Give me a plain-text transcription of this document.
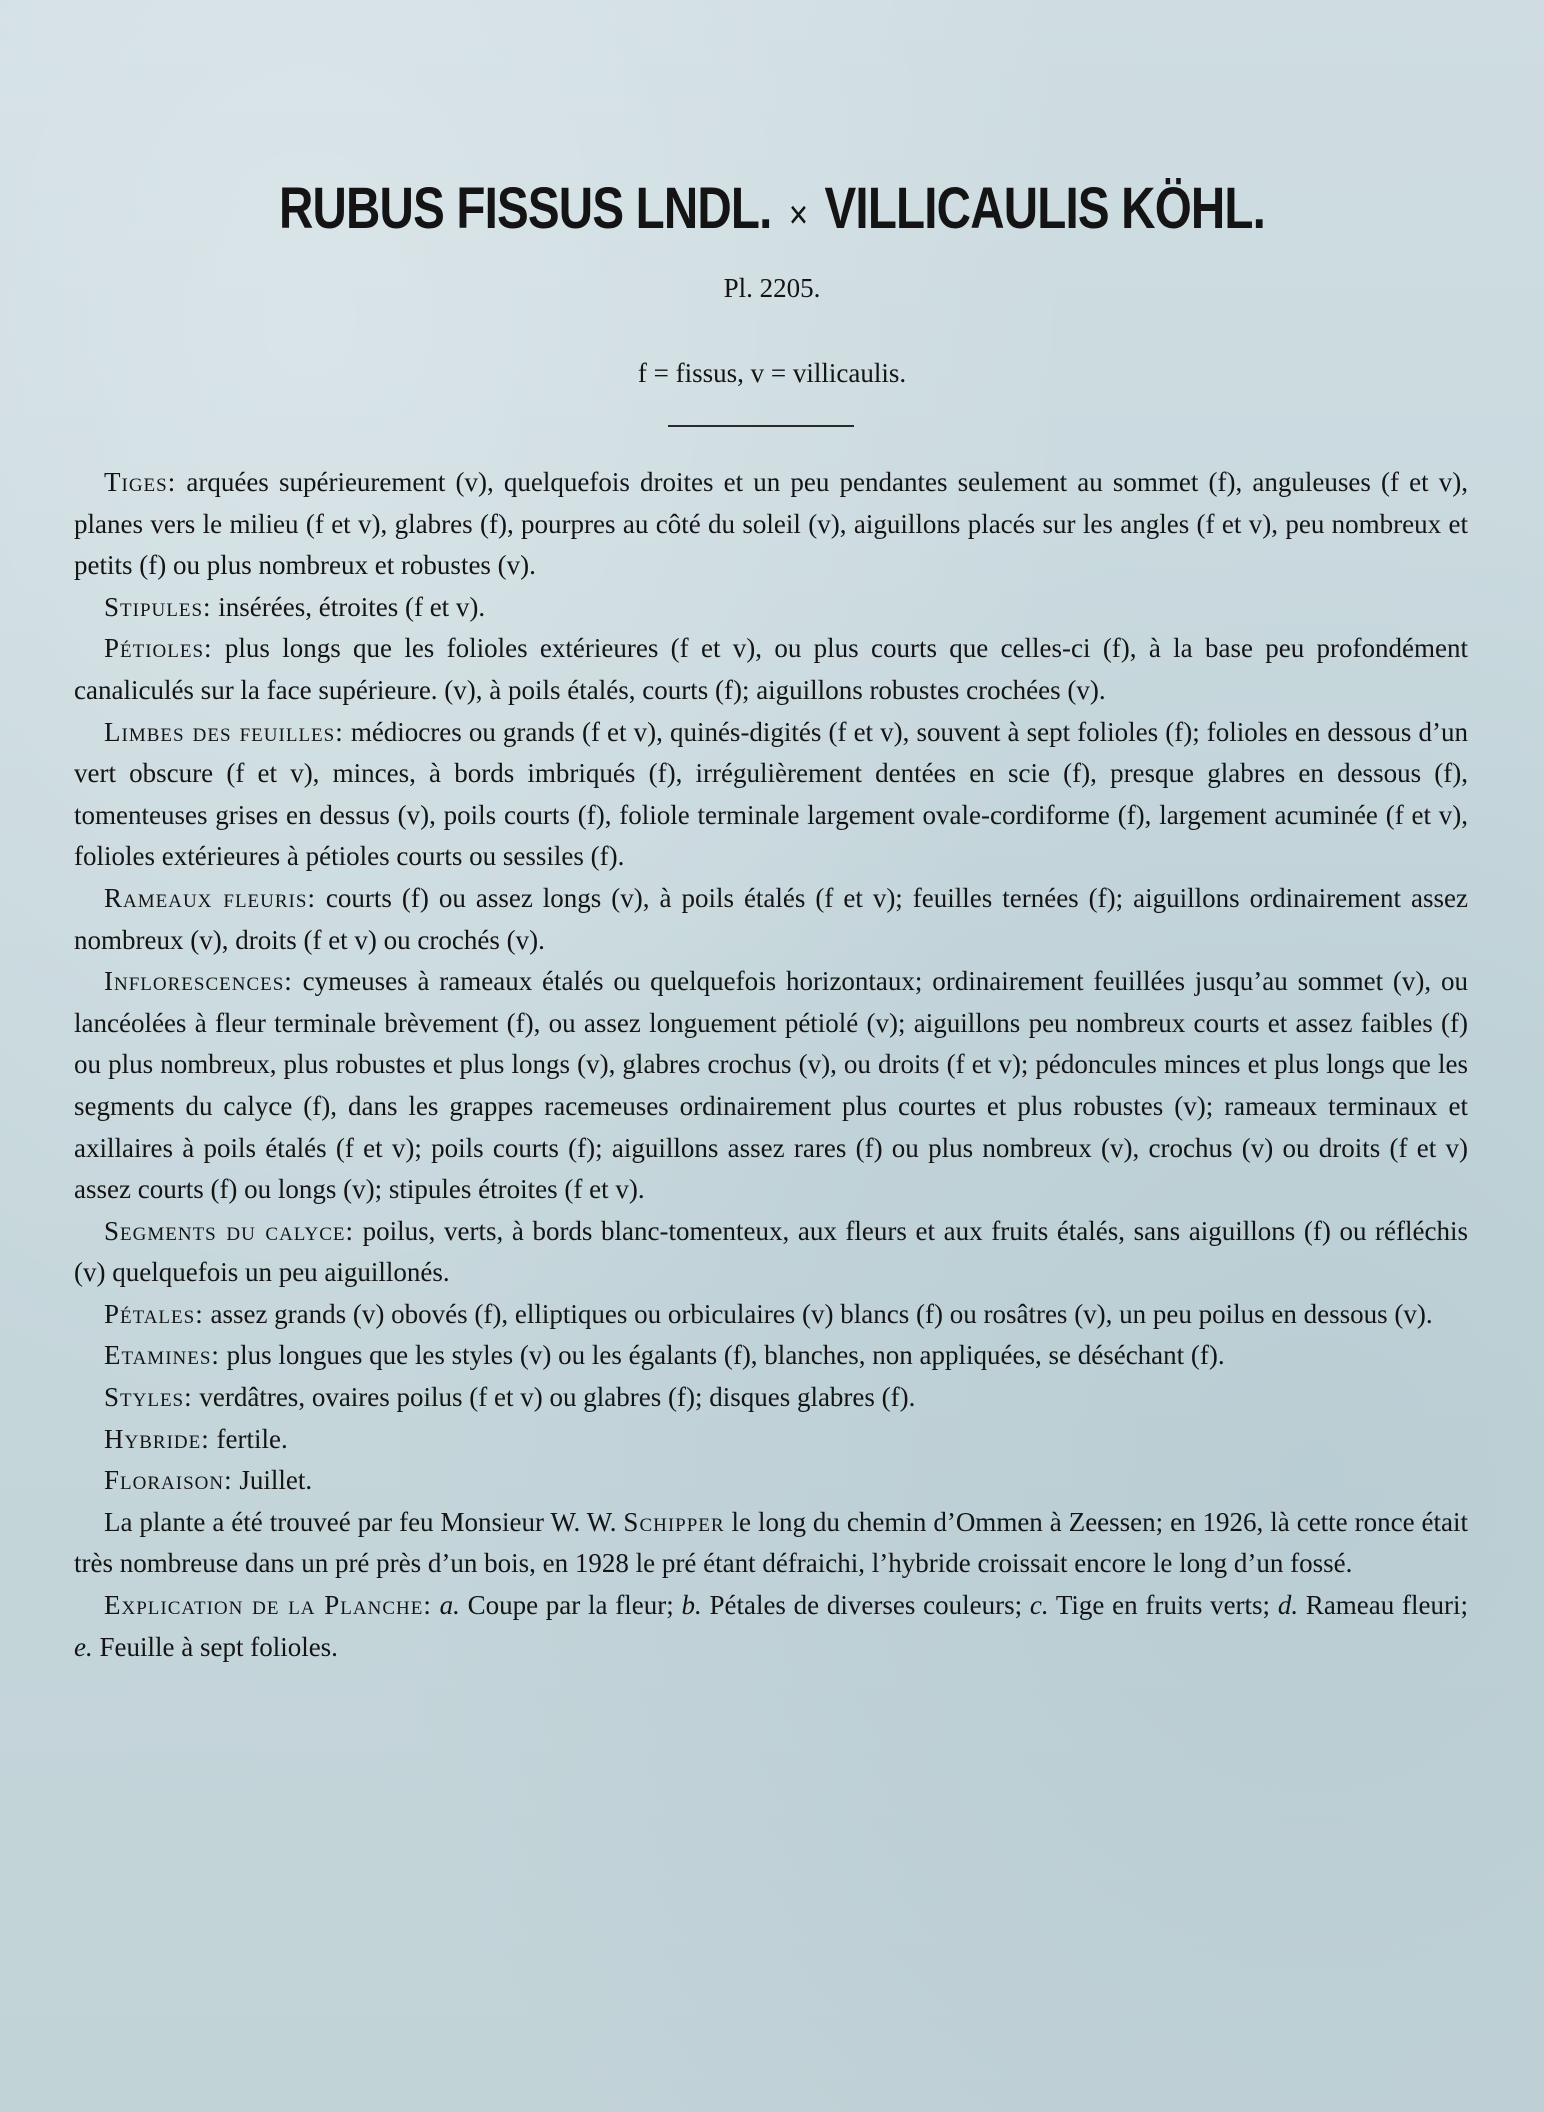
RUBUS FISSUS LNDL. × VILLICAULIS KÖHL.
Pl. 2205.
f = fissus, v = villicaulis.

Tiges: arquées supérieurement (v), quelquefois droites et un peu pendantes seulement au sommet (f), anguleuses (f et v), planes vers le milieu (f et v), glabres (f), pourpres au côté du soleil (v), aiguillons placés sur les angles (f et v), peu nombreux et petits (f) ou plus nombreux et robustes (v).

Stipules: insérées, étroites (f et v).

Pétioles: plus longs que les folioles extérieures (f et v), ou plus courts que celles-ci (f), à la base peu profondément canaliculés sur la face supérieure. (v), à poils étalés, courts (f); aiguillons robustes crochées (v).

Limbes des feuilles: médiocres ou grands (f et v), quinés-digités (f et v), souvent à sept folioles (f); folioles en dessous d’un vert obscure (f et v), minces, à bords imbriqués (f), irrégulièrement dentées en scie (f), presque glabres en dessous (f), tomenteuses grises en dessus (v), poils courts (f), foliole terminale largement ovale-cordiforme (f), largement acuminée (f et v), folioles extérieures à pétioles courts ou sessiles (f).

Rameaux fleuris: courts (f) ou assez longs (v), à poils étalés (f et v); feuilles ternées (f); aiguillons ordinairement assez nombreux (v), droits (f et v) ou crochés (v).

Inflorescences: cymeuses à rameaux étalés ou quelquefois horizontaux; ordinairement feuillées jusqu’au sommet (v), ou lancéolées à fleur terminale brèvement (f), ou assez longuement pétiolé (v); aiguillons peu nombreux courts et assez faibles (f) ou plus nombreux, plus robustes et plus longs (v), glabres crochus (v), ou droits (f et v); pédoncules minces et plus longs que les segments du calyce (f), dans les grappes racemeuses ordinairement plus courtes et plus robustes (v); rameaux terminaux et axillaires à poils étalés (f et v); poils courts (f); aiguillons assez rares (f) ou plus nombreux (v), crochus (v) ou droits (f et v) assez courts (f) ou longs (v); stipules étroites (f et v).

Segments du calyce: poilus, verts, à bords blanc-tomenteux, aux fleurs et aux fruits étalés, sans aiguillons (f) ou réfléchis (v) quelquefois un peu aiguillonés.

Pétales: assez grands (v) obovés (f), elliptiques ou orbiculaires (v) blancs (f) ou rosâtres (v), un peu poilus en dessous (v).

Etamines: plus longues que les styles (v) ou les égalants (f), blanches, non appliquées, se déséchant (f).

Styles: verdâtres, ovaires poilus (f et v) ou glabres (f); disques glabres (f).

Hybride: fertile.

Floraison: Juillet.

La plante a été trouveé par feu Monsieur W. W. Schipper le long du chemin d’Ommen à Zeessen; en 1926, là cette ronce était très nombreuse dans un pré près d’un bois, en 1928 le pré étant défraichi, l’hybride croissait encore le long d’un fossé.

Explication de la Planche: a. Coupe par la fleur; b. Pétales de diverses couleurs; c. Tige en fruits verts; d. Rameau fleuri; e. Feuille à sept folioles.
